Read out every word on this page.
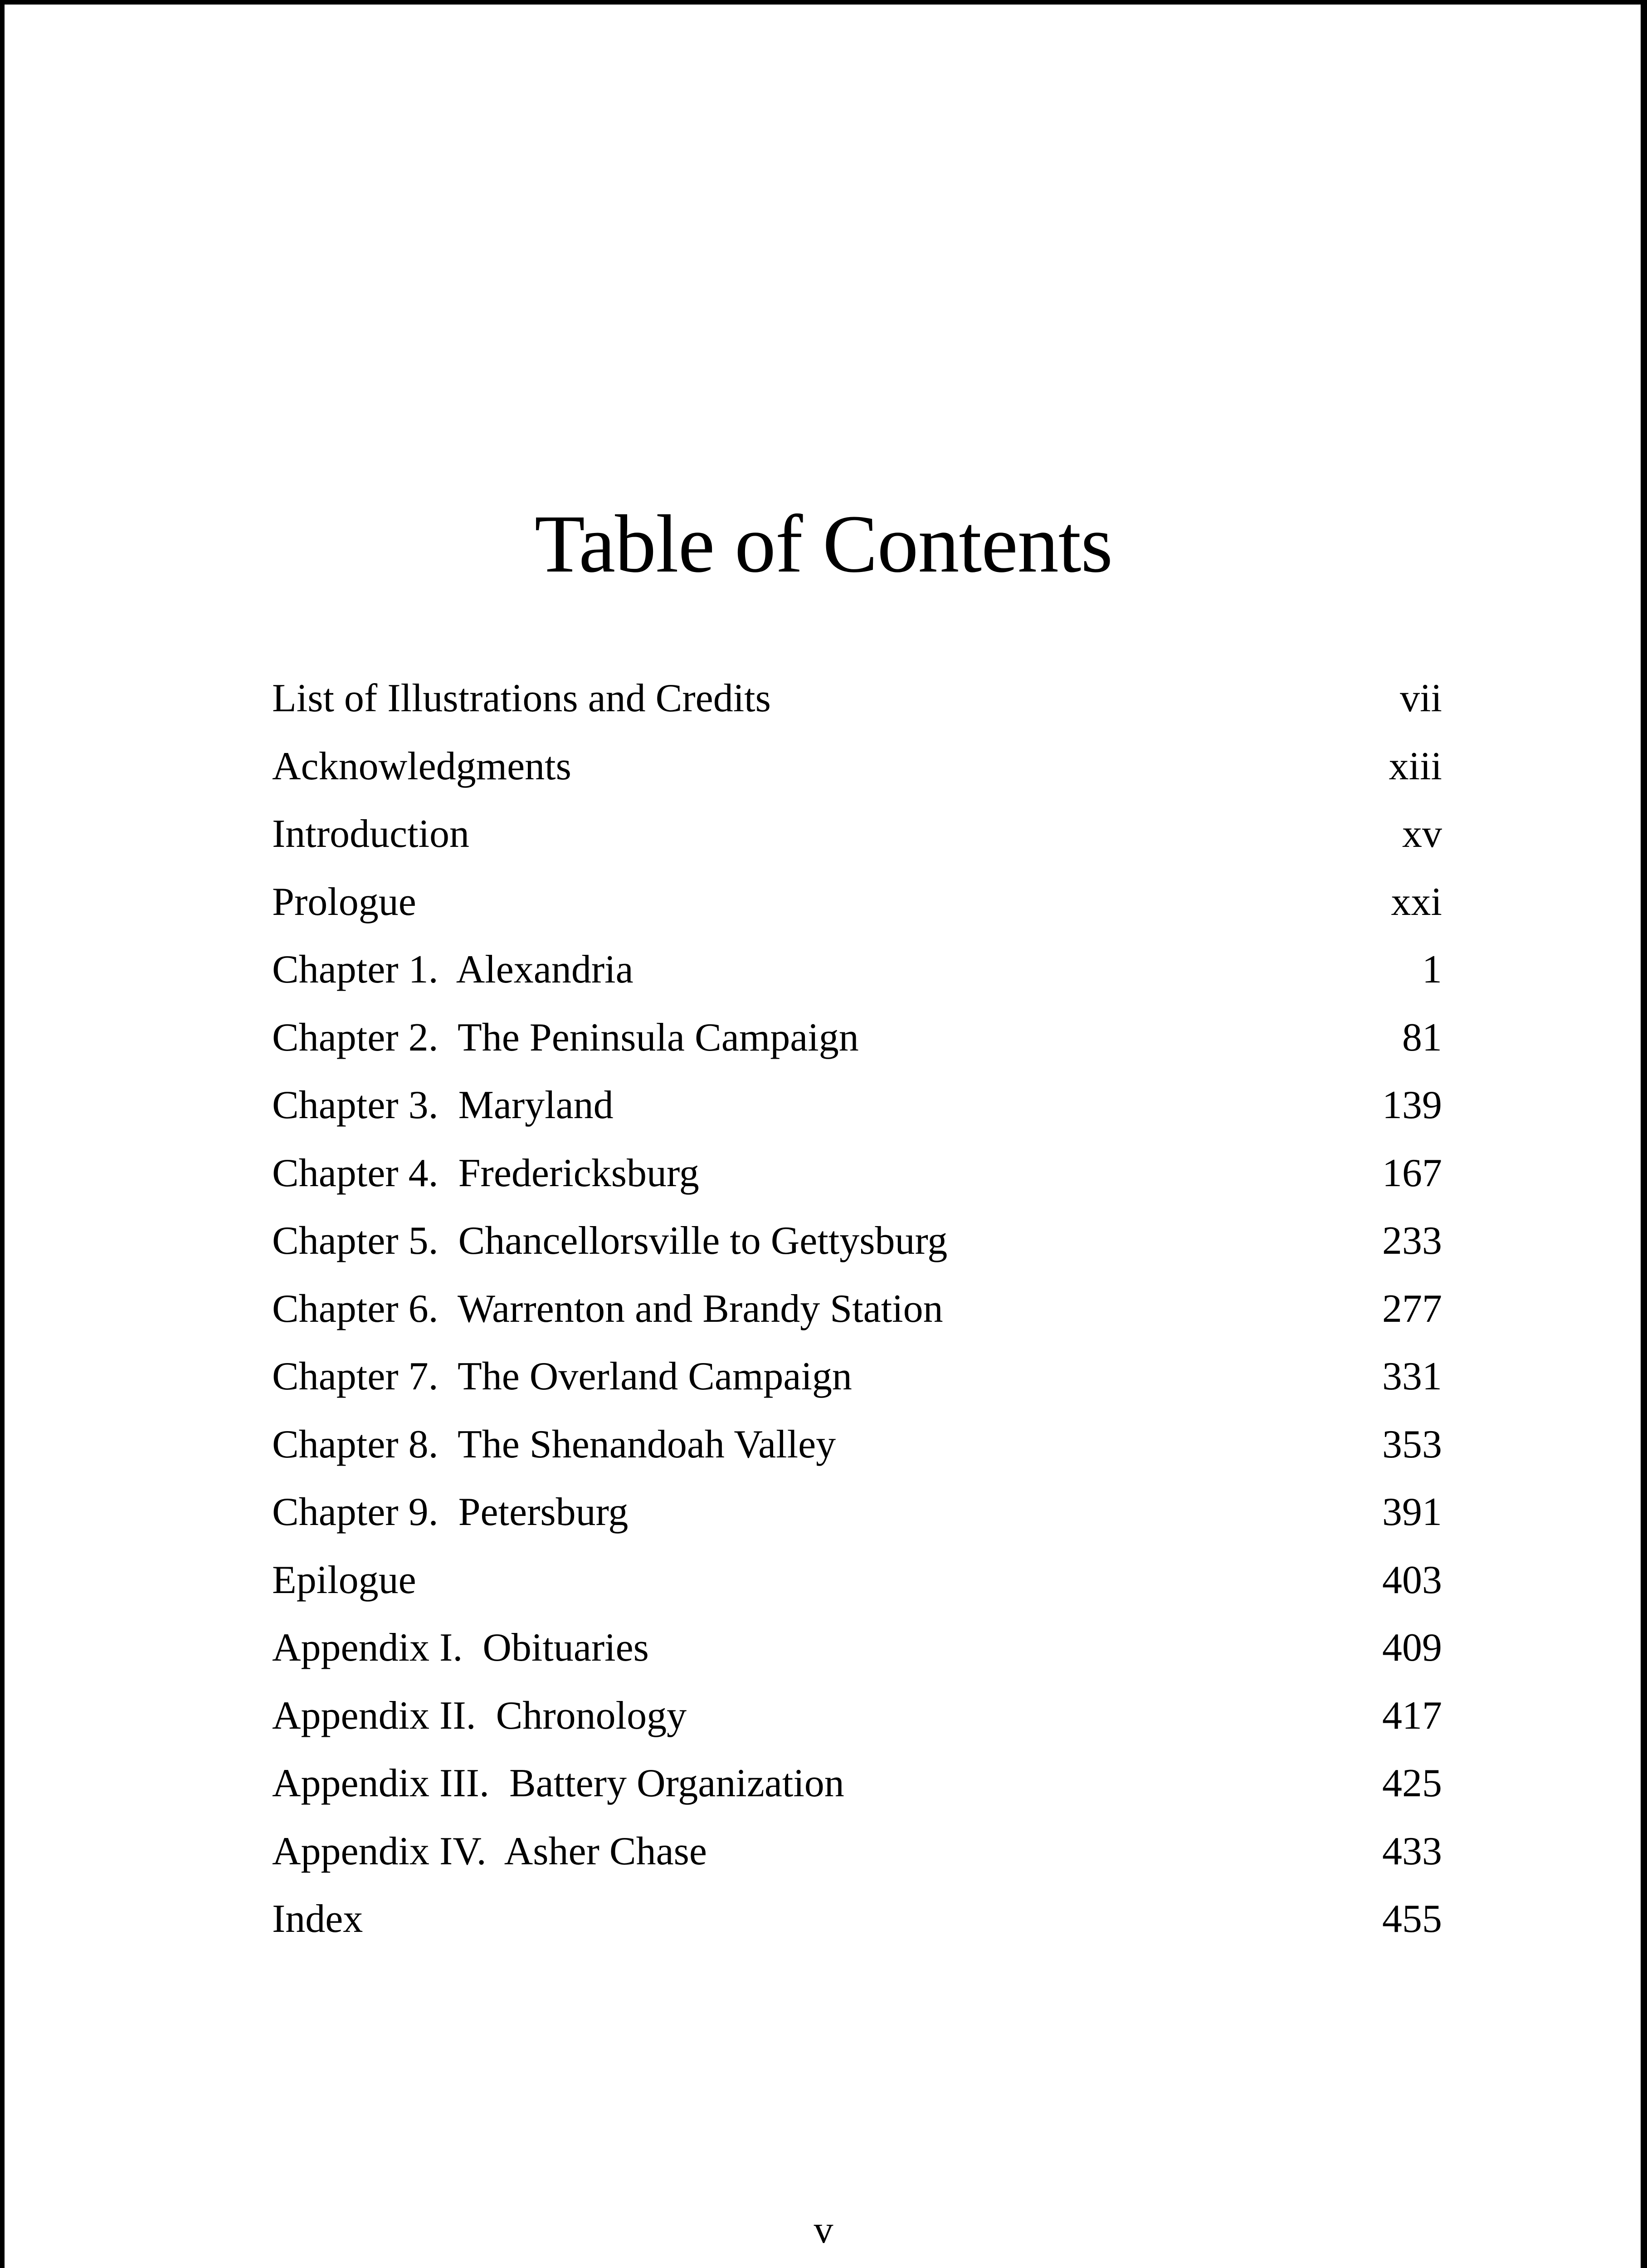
Table of Contents
List of Illustrations and Credits	vii
Acknowledgments	xiii
Introduction	xv
Prologue	xxi
Chapter 1.  Alexandria	1
Chapter 2.  The Peninsula Campaign	81
Chapter 3.  Maryland	139
Chapter 4.  Fredericksburg	167
Chapter 5.  Chancellorsville to Gettysburg	233
Chapter 6.  Warrenton and Brandy Station	277
Chapter 7.  The Overland Campaign	331
Chapter 8.  The Shenandoah Valley	353
Chapter 9.  Petersburg	391
Epilogue	403
Appendix I.  Obituaries	409
Appendix II.  Chronology	417
Appendix III.  Battery Organization	425
Appendix IV.  Asher Chase	433
Index	455
v
